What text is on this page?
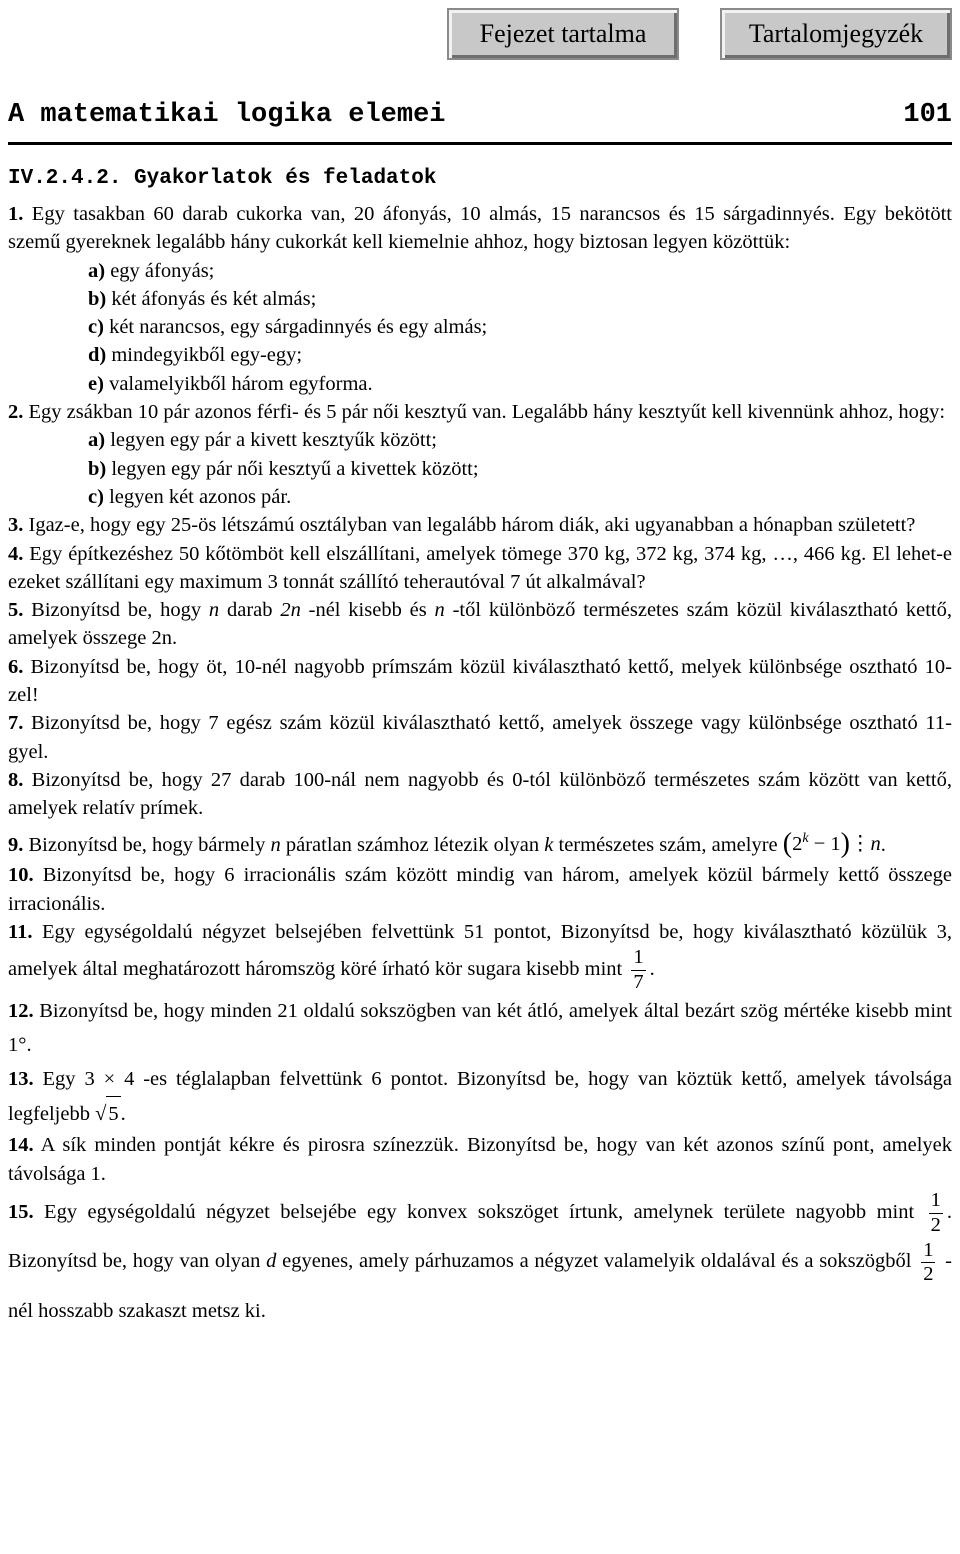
Fejezet tartalma	Tartalomjegyzék
A matematikai logika elemei	101
IV.2.4.2. Gyakorlatok és feladatok

1. Egy tasakban 60 darab cukorka van, 20 áfonyás, 10 almás, 15 narancsos és 15 sárgadinnyés. Egy bekötött szemű gyereknek legalább hány cukorkát kell kiemelnie ahhoz, hogy biztosan legyen közöttük:

a) egy áfonyás;

b) két áfonyás és két almás;

c) két narancsos, egy sárgadinnyés és egy almás;

d) mindegyikből egy-egy;

e) valamelyikből három egyforma.

2. Egy zsákban 10 pár azonos férfi- és 5 pár női kesztyű van. Legalább hány kesztyűt kell kivennünk ahhoz, hogy:

a) legyen egy pár a kivett kesztyűk között;

b) legyen egy pár női kesztyű a kivettek között;

c) legyen két azonos pár.

3. Igaz-e, hogy egy 25-ös létszámú osztályban van legalább három diák, aki ugyanabban a hónapban született?

4. Egy építkezéshez 50 kőtömböt kell elszállítani, amelyek tömege 370 kg, 372 kg, 374 kg, …, 466 kg. El lehet-e ezeket szállítani egy maximum 3 tonnát szállító teherautóval 7 út alkalmával?

5. Bizonyítsd be, hogy n darab 2n -nél kisebb és n -től különböző természetes szám közül kiválasztható kettő, amelyek összege 2n.

6. Bizonyítsd be, hogy öt, 10-nél nagyobb prímszám közül kiválasztható kettő, melyek különbsége osztható 10-zel!

7. Bizonyítsd be, hogy 7 egész szám közül kiválasztható kettő, amelyek összege vagy különbsége osztható 11-gyel.

8. Bizonyítsd be, hogy 27 darab 100-nál nem nagyobb és 0-tól különböző természetes szám között van kettő, amelyek relatív prímek.

9. Bizonyítsd be, hogy bármely n páratlan számhoz létezik olyan k természetes szám, amelyre ($2^k$ − 1)⋮n.

10. Bizonyítsd be, hogy 6 irracionális szám között mindig van három, amelyek közül bármely kettő összege irracionális.

11. Egy egységoldalú négyzet belsejében felvettünk 51 pontot, Bizonyítsd be, hogy kiválasztható közülük 3, amelyek által meghatározott háromszög köré írható kör sugara kisebb mint $\frac{1}{7}$ .

12. Bizonyítsd be, hogy minden 21 oldalú sokszögben van két átló, amelyek által bezárt szög mértéke kisebb mint 1°.

13. Egy 3 × 4 -es téglalapban felvettünk 6 pontot. Bizonyítsd be, hogy van köztük kettő, amelyek távolsága legfeljebb √5.

14. A sík minden pontját kékre és pirosra színezzük. Bizonyítsd be, hogy van két azonos színű pont, amelyek távolsága 1.

15. Egy egységoldalú négyzet belsejébe egy konvex sokszöget írtunk, amelynek területe nagyobb mint $\frac{1}{2}$ . Bizonyítsd be, hogy van olyan d egyenes, amely párhuzamos a négyzet valamelyik oldalával és a sokszögből $\frac{1}{2}$ -nél hosszabb szakaszt metsz ki.
